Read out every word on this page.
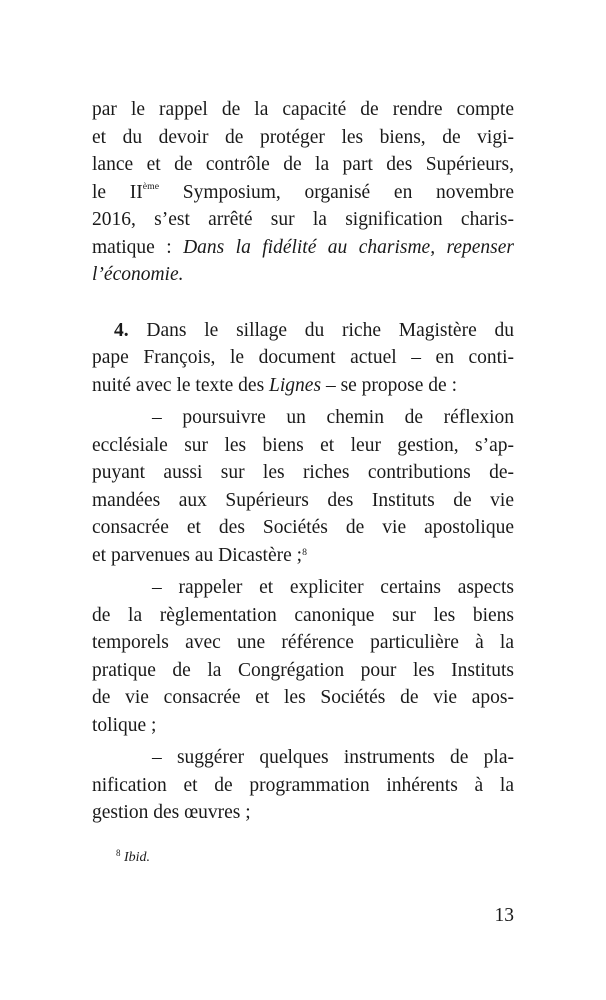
par le rappel de la capacité de rendre compte
et du devoir de protéger les biens, de vigi-
lance et de contrôle de la part des Supérieurs,
le IIème Symposium, organisé en novembre
2016, s’est arrêté sur la signification charis-
matique : Dans la fidélité au charisme, repenser
l’économie.
4. Dans le sillage du riche Magistère du
pape François, le document actuel – en conti-
nuité avec le texte des Lignes – se propose de :
– poursuivre un chemin de réflexion
ecclésiale sur les biens et leur gestion, s’ap-
puyant aussi sur les riches contributions de-
mandées aux Supérieurs des Instituts de vie
consacrée et des Sociétés de vie apostolique
et parvenues au Dicastère ;$^8$
– rappeler et expliciter certains aspects
de la règlementation canonique sur les biens
temporels avec une référence particulière à la
pratique de la Congrégation pour les Instituts
de vie consacrée et les Sociétés de vie apos-
tolique ;
– suggérer quelques instruments de pla-
nification et de programmation inhérents à la
gestion des œuvres ;
$^8$ Ibid.
13
